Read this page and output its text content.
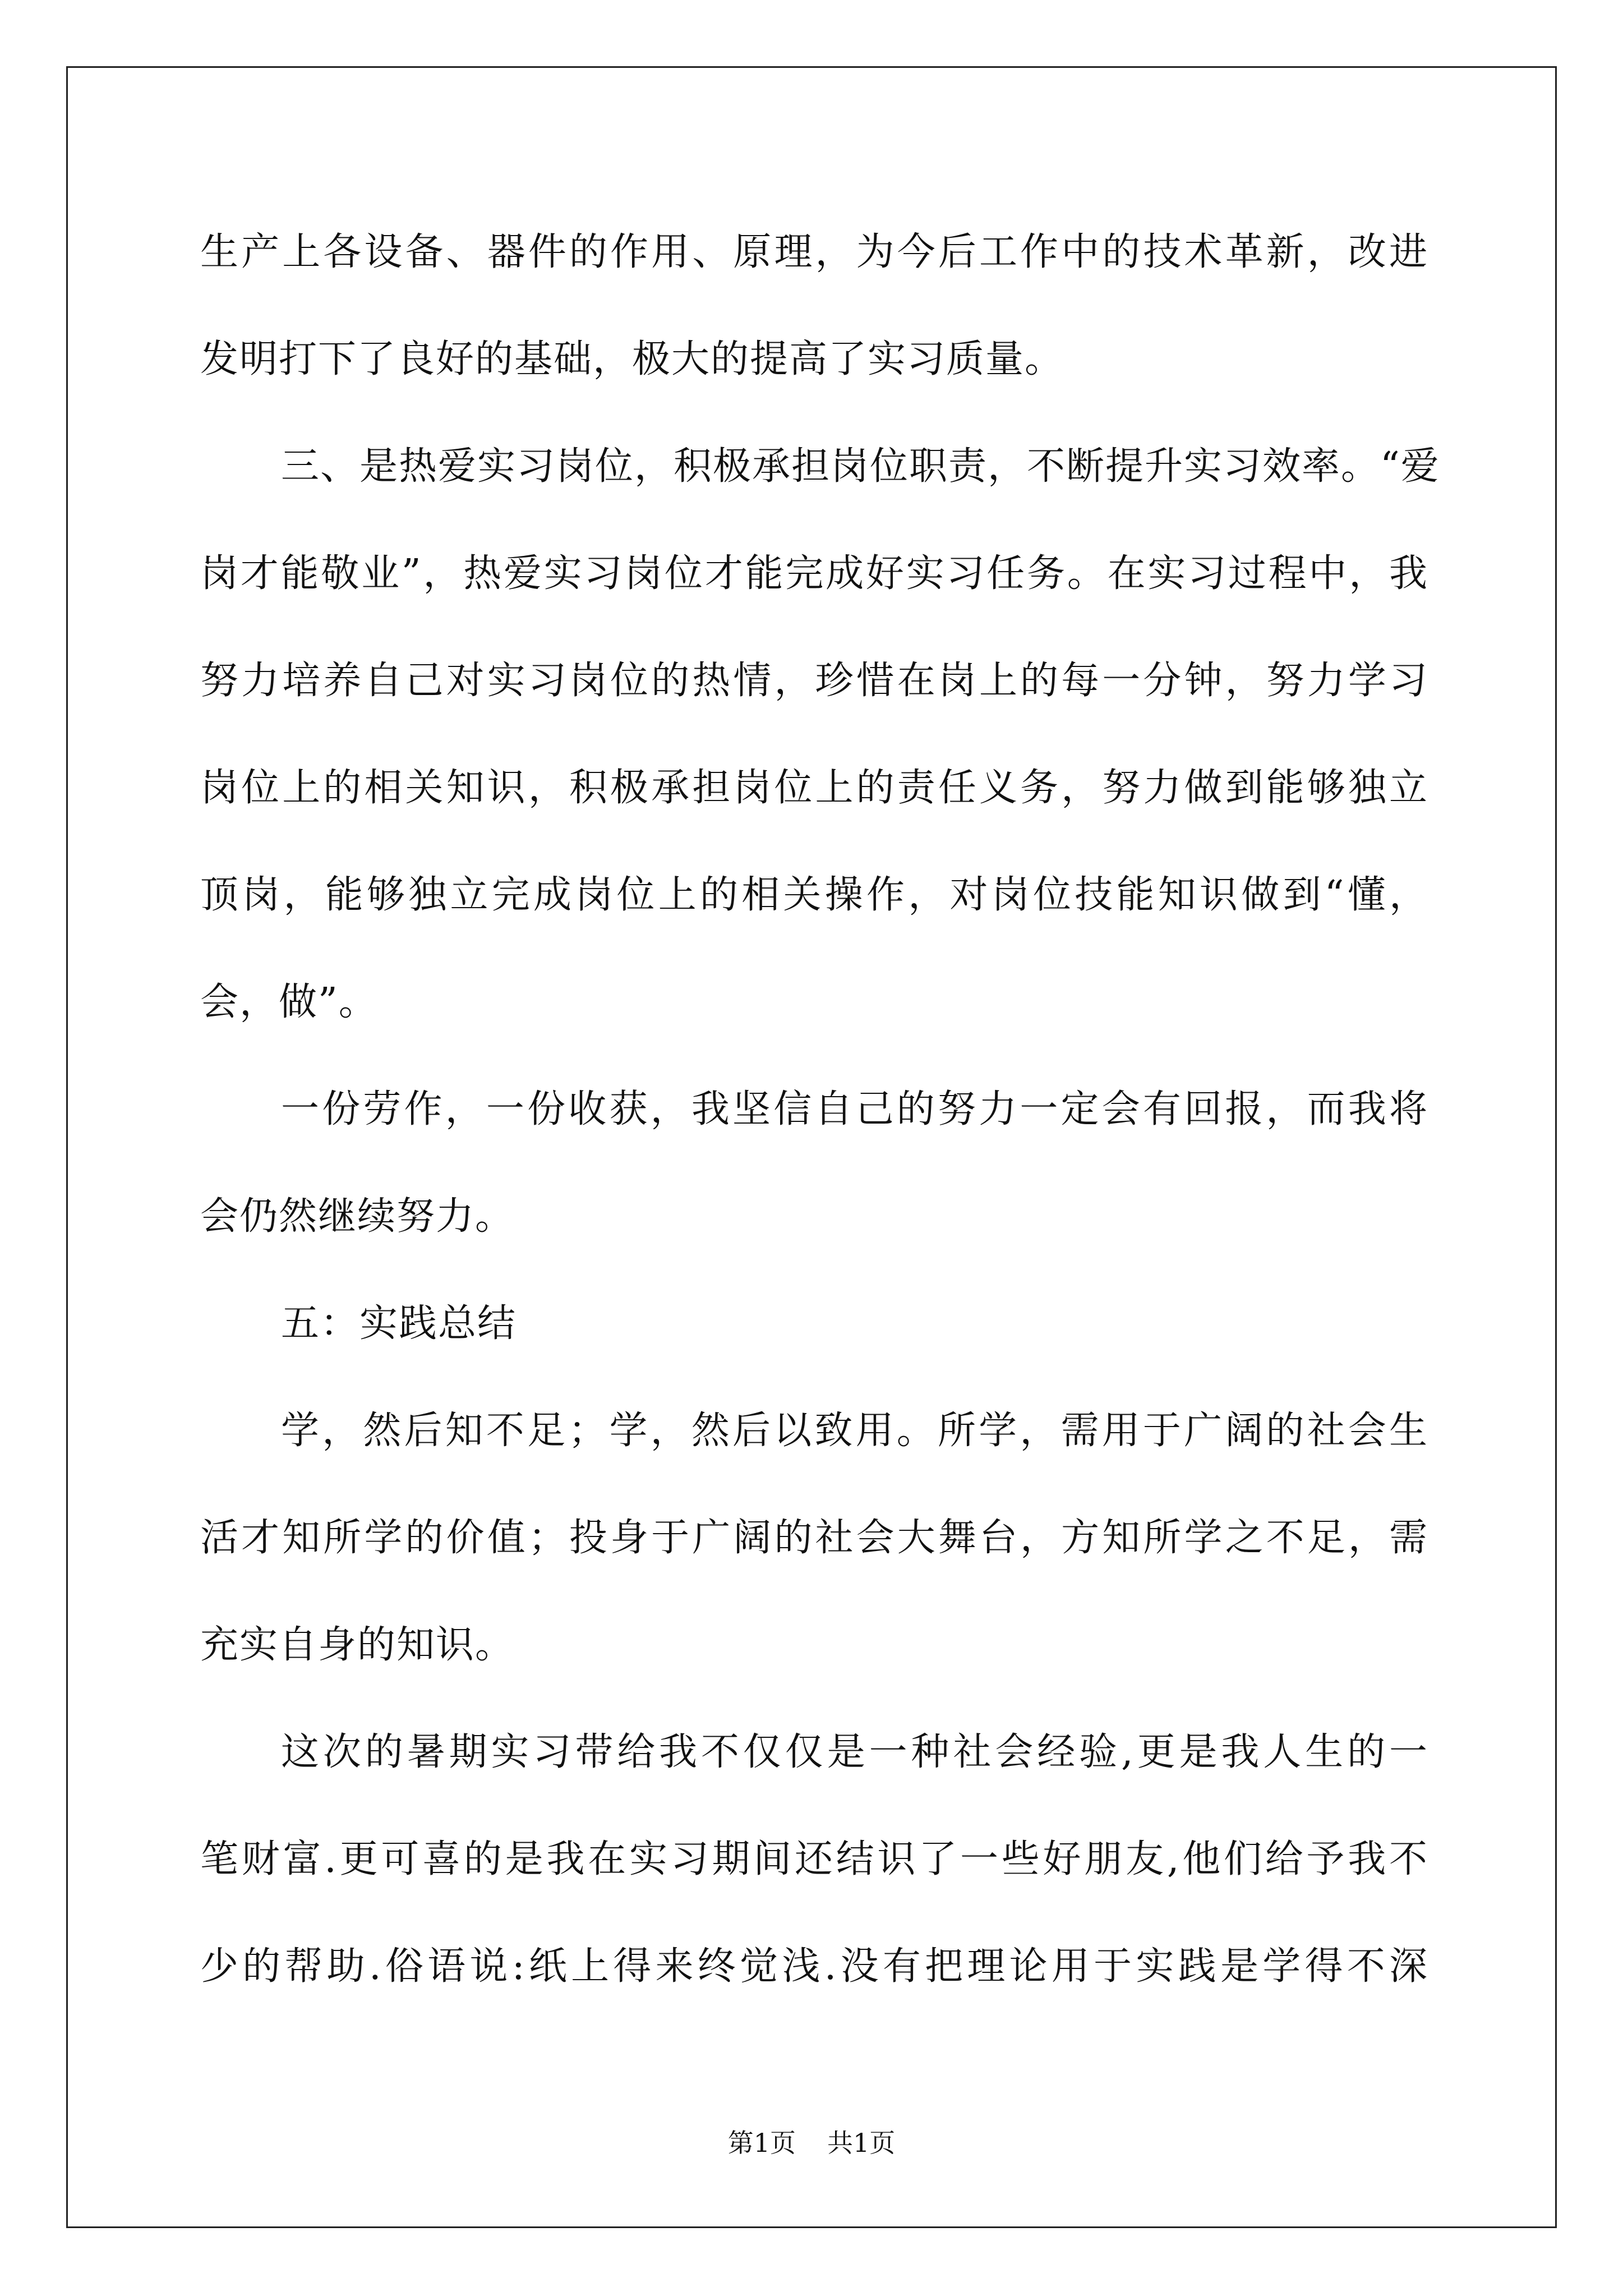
生产上各设备、器件的作用、原理，为今后工作中的技术革新，改进
发明打下了良好的基础，极大的提高了实习质量。
三、是热爱实习岗位，积极承担岗位职责，不断提升实习效率。“爱
岗才能敬业”，热爱实习岗位才能完成好实习任务。在实习过程中，我
努力培养自己对实习岗位的热情，珍惜在岗上的每一分钟，努力学习
岗位上的相关知识，积极承担岗位上的责任义务，努力做到能够独立
顶岗，能够独立完成岗位上的相关操作，对岗位技能知识做到“懂，
会，做”。
一份劳作，一份收获，我坚信自己的努力一定会有回报，而我将
会仍然继续努力。
五：实践总结
学，然后知不足；学，然后以致用。所学，需用于广阔的社会生
活才知所学的价值；投身于广阔的社会大舞台，方知所学之不足，需
充实自身的知识。
这次的暑期实习带给我不仅仅是一种社会经验,更是我人生的一
笔财富.更可喜的是我在实习期间还结识了一些好朋友,他们给予我不
少的帮助.俗语说:纸上得来终觉浅.没有把理论用于实践是学得不深
第1页 共1页
